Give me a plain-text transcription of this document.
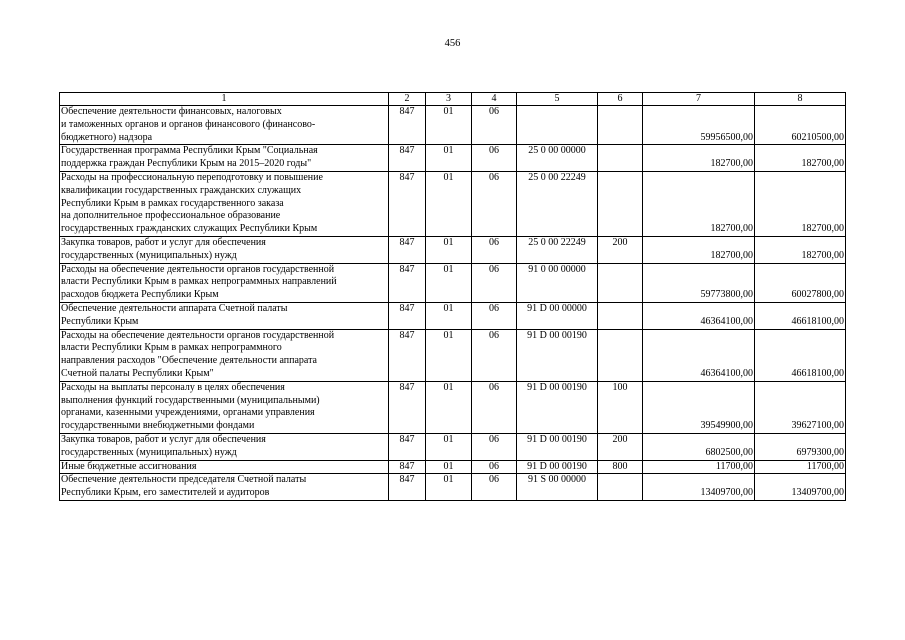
456
1	2	3	4	5	6	7	8

Обеспечение деятельности финансовых, налоговых
и таможенных органов и органов финансового (финансово-
бюджетного) надзора	847	01	06			59956500,00	60210500,00

Государственная программа Республики Крым "Социальная
поддержка граждан Республики Крым на 2015–2020 годы"	847	01	06	25 0 00 00000		182700,00	182700,00

Расходы на профессиональную переподготовку и повышение
квалификации государственных гражданских служащих
Республики Крым в рамках государственного заказа
на дополнительное профессиональное образование
государственных гражданских служащих Республики Крым	847	01	06	25 0 00 22249		182700,00	182700,00

Закупка товаров, работ и услуг для обеспечения
государственных (муниципальных) нужд	847	01	06	25 0 00 22249	200	182700,00	182700,00

Расходы на обеспечение деятельности органов государственной
власти Республики Крым в рамках непрограммных направлений
расходов бюджета Республики Крым	847	01	06	91 0 00 00000		59773800,00	60027800,00

Обеспечение деятельности аппарата Счетной палаты
Республики Крым	847	01	06	91 D 00 00000		46364100,00	46618100,00

Расходы на обеспечение деятельности органов государственной
власти Республики Крым в рамках непрограммного
направления расходов "Обеспечение деятельности аппарата
Счетной палаты Республики Крым"	847	01	06	91 D 00 00190		46364100,00	46618100,00

Расходы на выплаты персоналу в целях обеспечения
выполнения функций государственными (муниципальными)
органами, казенными учреждениями, органами управления
государственными внебюджетными фондами	847	01	06	91 D 00 00190	100	39549900,00	39627100,00

Закупка товаров, работ и услуг для обеспечения
государственных (муниципальных) нужд	847	01	06	91 D 00 00190	200	6802500,00	6979300,00

Иные бюджетные ассигнования	847	01	06	91 D 00 00190	800	11700,00	11700,00

Обеспечение деятельности председателя Счетной палаты
Республики Крым, его заместителей и аудиторов	847	01	06	91 S 00 00000		13409700,00	13409700,00
